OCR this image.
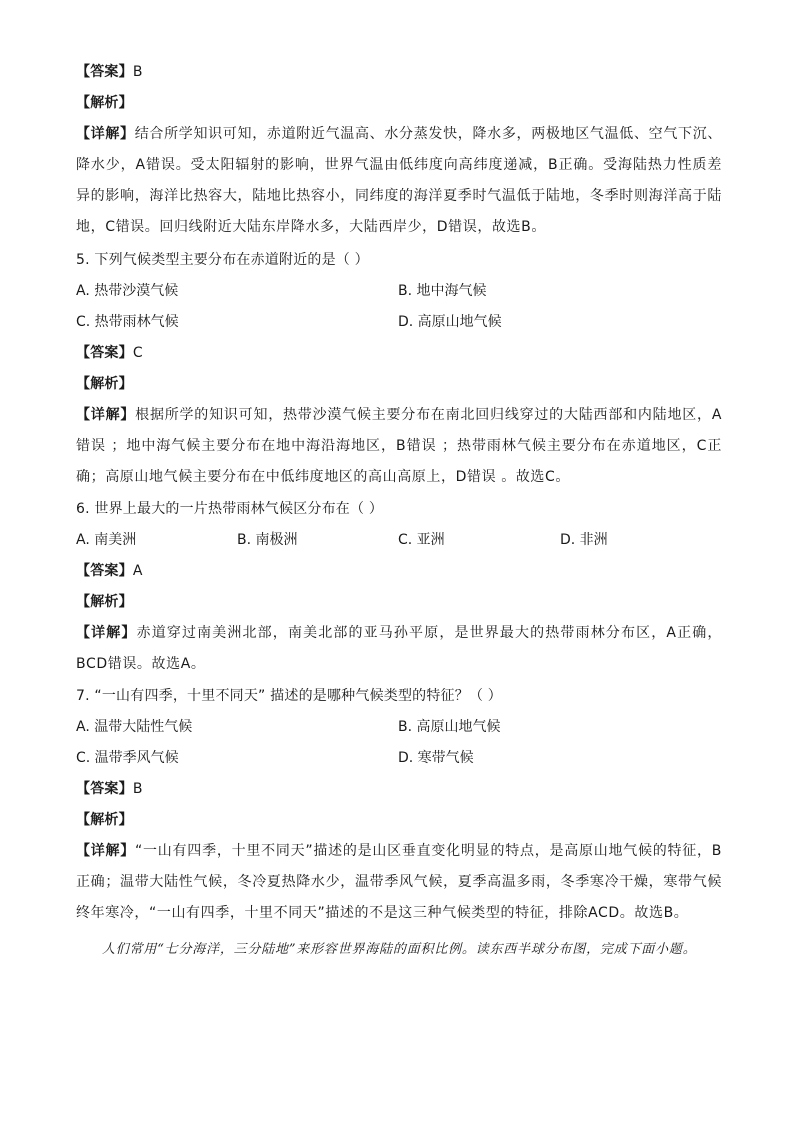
【答案】B
【解析】
【详解】结合所学知识可知，赤道附近气温高、水分蒸发快，降水多，两极地区气温低、空气下沉、降水少，A错误。受太阳辐射的影响，世界气温由低纬度向高纬度递减，B正确。受海陆热力性质差异的影响，海洋比热容大，陆地比热容小，同纬度的海洋夏季时气温低于陆地，冬季时则海洋高于陆地，C错误。回归线附近大陆东岸降水多，大陆西岸少，D错误，故选B。
5. 下列气候类型主要分布在赤道附近的是（ ）
A. 热带沙漠气候	B. 地中海气候
C. 热带雨林气候	D. 高原山地气候
【答案】C
【解析】
【详解】根据所学的知识可知，热带沙漠气候主要分布在南北回归线穿过的大陆西部和内陆地区，A错误 ；地中海气候主要分布在地中海沿海地区，B错误 ；热带雨林气候主要分布在赤道地区，C正确；高原山地气候主要分布在中低纬度地区的高山高原上，D错误 。故选C。
6. 世界上最大的一片热带雨林气候区分布在（ ）
A. 南美洲	B. 南极洲	C. 亚洲	D. 非洲
【答案】A
【解析】
【详解】赤道穿过南美洲北部，南美北部的亚马孙平原，是世界最大的热带雨林分布区，A正确，BCD错误。故选A。
7. “一山有四季，十里不同天” 描述的是哪种气候类型的特征？（ ）
A. 温带大陆性气候	B. 高原山地气候
C. 温带季风气候	D. 寒带气候
【答案】B
【解析】
【详解】“一山有四季，十里不同天”描述的是山区垂直变化明显的特点，是高原山地气候的特征，B正确；温带大陆性气候，冬冷夏热降水少，温带季风气候，夏季高温多雨，冬季寒冷干燥，寒带气候终年寒冷，“一山有四季，十里不同天”描述的不是这三种气候类型的特征，排除ACD。故选B。
人们常用“七分海洋，三分陆地”来形容世界海陆的面积比例。读东西半球分布图，完成下面小题。
